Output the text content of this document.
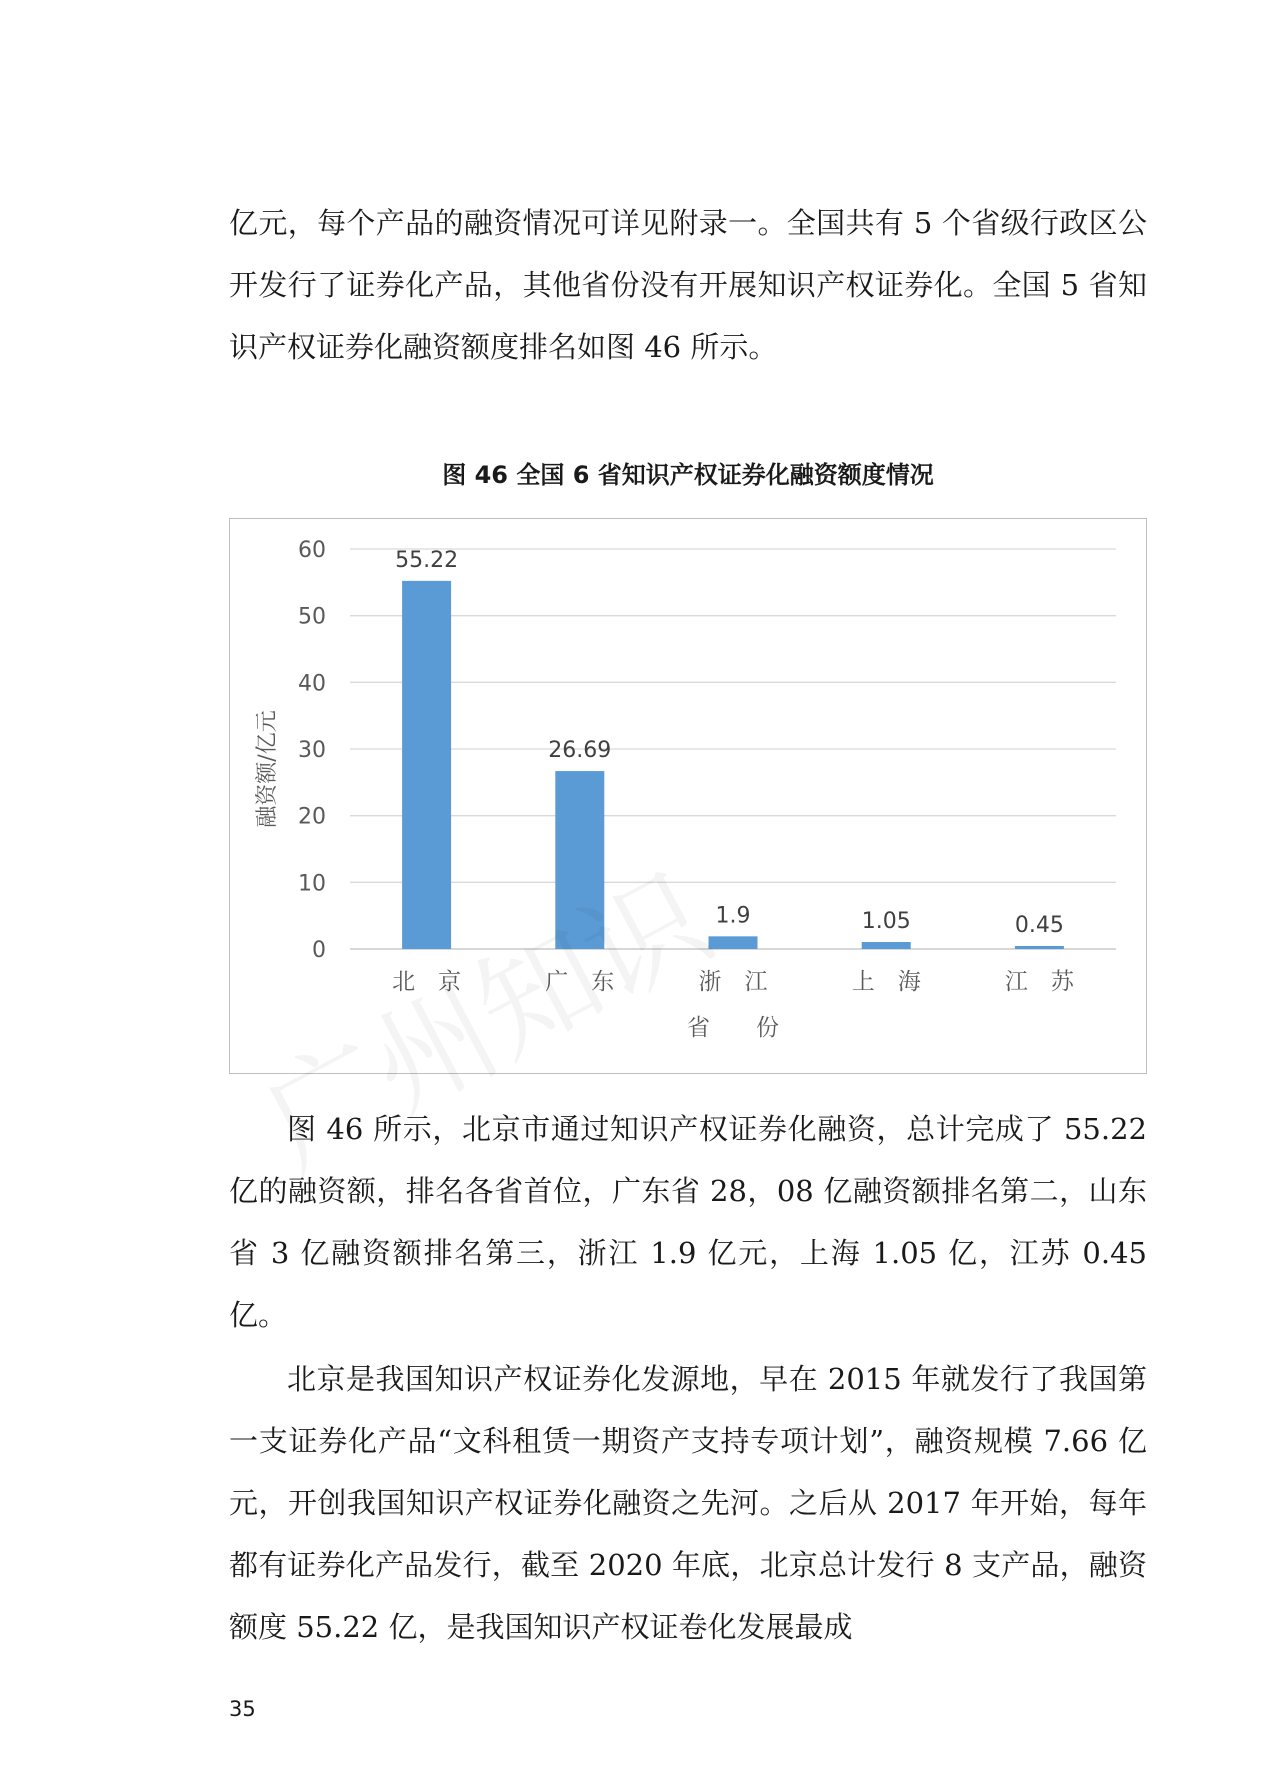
亿元，每个产品的融资情况可详见附录一。全国共有 5 个省级行政区公开发行了证券化产品，其他省份没有开展知识产权证券化。全国 5 省知识产权证券化融资额度排名如图 46 所示。

图 46 全国 6 省知识产权证券化融资额度情况
0
10
20
30
40
50
60	55.22
北　京
26.69
广　东
1.9
浙　江
1.05
上　海
0.45
江　苏
省　　份
融资额/亿元

图 46 所示，北京市通过知识产权证券化融资，总计完成了 55.22 亿的融资额，排名各省首位，广东省 28，08 亿融资额排名第二，山东省 3 亿融资额排名第三，浙江 1.9 亿元，上海 1.05 亿，江苏 0.45 亿。

北京是我国知识产权证券化发源地，早在 2015 年就发行了我国第一支证券化产品“文科租赁一期资产支持专项计划”，融资规模 7.66 亿元，开创我国知识产权证券化融资之先河。之后从 2017 年开始，每年都有证券化产品发行，截至 2020 年底，北京总计发行 8 支产品，融资额度 55.22 亿，是我国知识产权证卷化发展最成

35
